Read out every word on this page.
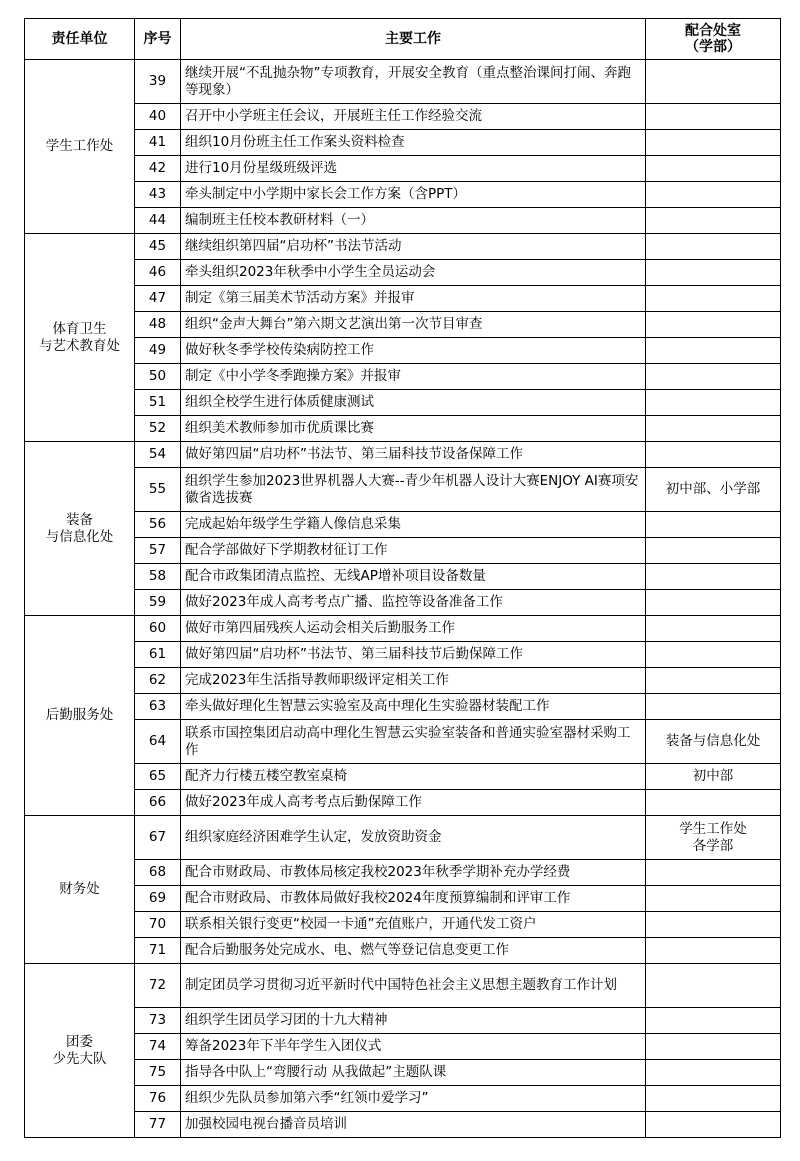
责任单位	序号	主要工作	配合处室
（学部）
学生工作处	39	继续开展“不乱抛杂物”专项教育，开展安全教育（重点整治课间打闹、奔跑等现象）	
	40	召开中小学班主任会议，开展班主任工作经验交流	
	41	组织10月份班主任工作案头资料检查	
	42	进行10月份星级班级评选	
	43	牵头制定中小学期中家长会工作方案（含PPT）	
	44	编制班主任校本教研材料（一）	
体育卫生
与艺术教育处	45	继续组织第四届“启功杯”书法节活动	
	46	牵头组织2023年秋季中小学生全员运动会	
	47	制定《第三届美术节活动方案》并报审	
	48	组织“金声大舞台”第六期文艺演出第一次节目审查	
	49	做好秋冬季学校传染病防控工作	
	50	制定《中小学冬季跑操方案》并报审	
	51	组织全校学生进行体质健康测试	
	52	组织美术教师参加市优质课比赛	
装备
与信息化处	54	做好第四届“启功杯”书法节、第三届科技节设备保障工作	
	55	组织学生参加2023世界机器人大赛--青少年机器人设计大赛ENJOY AI赛项安徽省选拔赛	初中部、小学部
	56	完成起始年级学生学籍人像信息采集	
	57	配合学部做好下学期教材征订工作	
	58	配合市政集团清点监控、无线AP增补项目设备数量	
	59	做好2023年成人高考考点广播、监控等设备准备工作	
后勤服务处	60	做好市第四届残疾人运动会相关后勤服务工作	
	61	做好第四届“启功杯”书法节、第三届科技节后勤保障工作	
	62	完成2023年生活指导教师职级评定相关工作	
	63	牵头做好理化生智慧云实验室及高中理化生实验器材装配工作	
	64	联系市国控集团启动高中理化生智慧云实验室装备和普通实验室器材采购工作	装备与信息化处
	65	配齐力行楼五楼空教室桌椅	初中部
	66	做好2023年成人高考考点后勤保障工作	
财务处	67	组织家庭经济困难学生认定，发放资助资金	学生工作处
各学部
	68	配合市财政局、市教体局核定我校2023年秋季学期补充办学经费	
	69	配合市财政局、市教体局做好我校2024年度预算编制和评审工作	
	70	联系相关银行变更“校园一卡通”充值账户，开通代发工资户	
	71	配合后勤服务处完成水、电、燃气等登记信息变更工作	
团委
少先大队	72	制定团员学习贯彻习近平新时代中国特色社会主义思想主题教育工作计划	
	73	组织学生团员学习团的十九大精神	
	74	筹备2023年下半年学生入团仪式	
	75	指导各中队上“弯腰行动 从我做起”主题队课	
	76	组织少先队员参加第六季“红领巾爱学习”	
	77	加强校园电视台播音员培训	
